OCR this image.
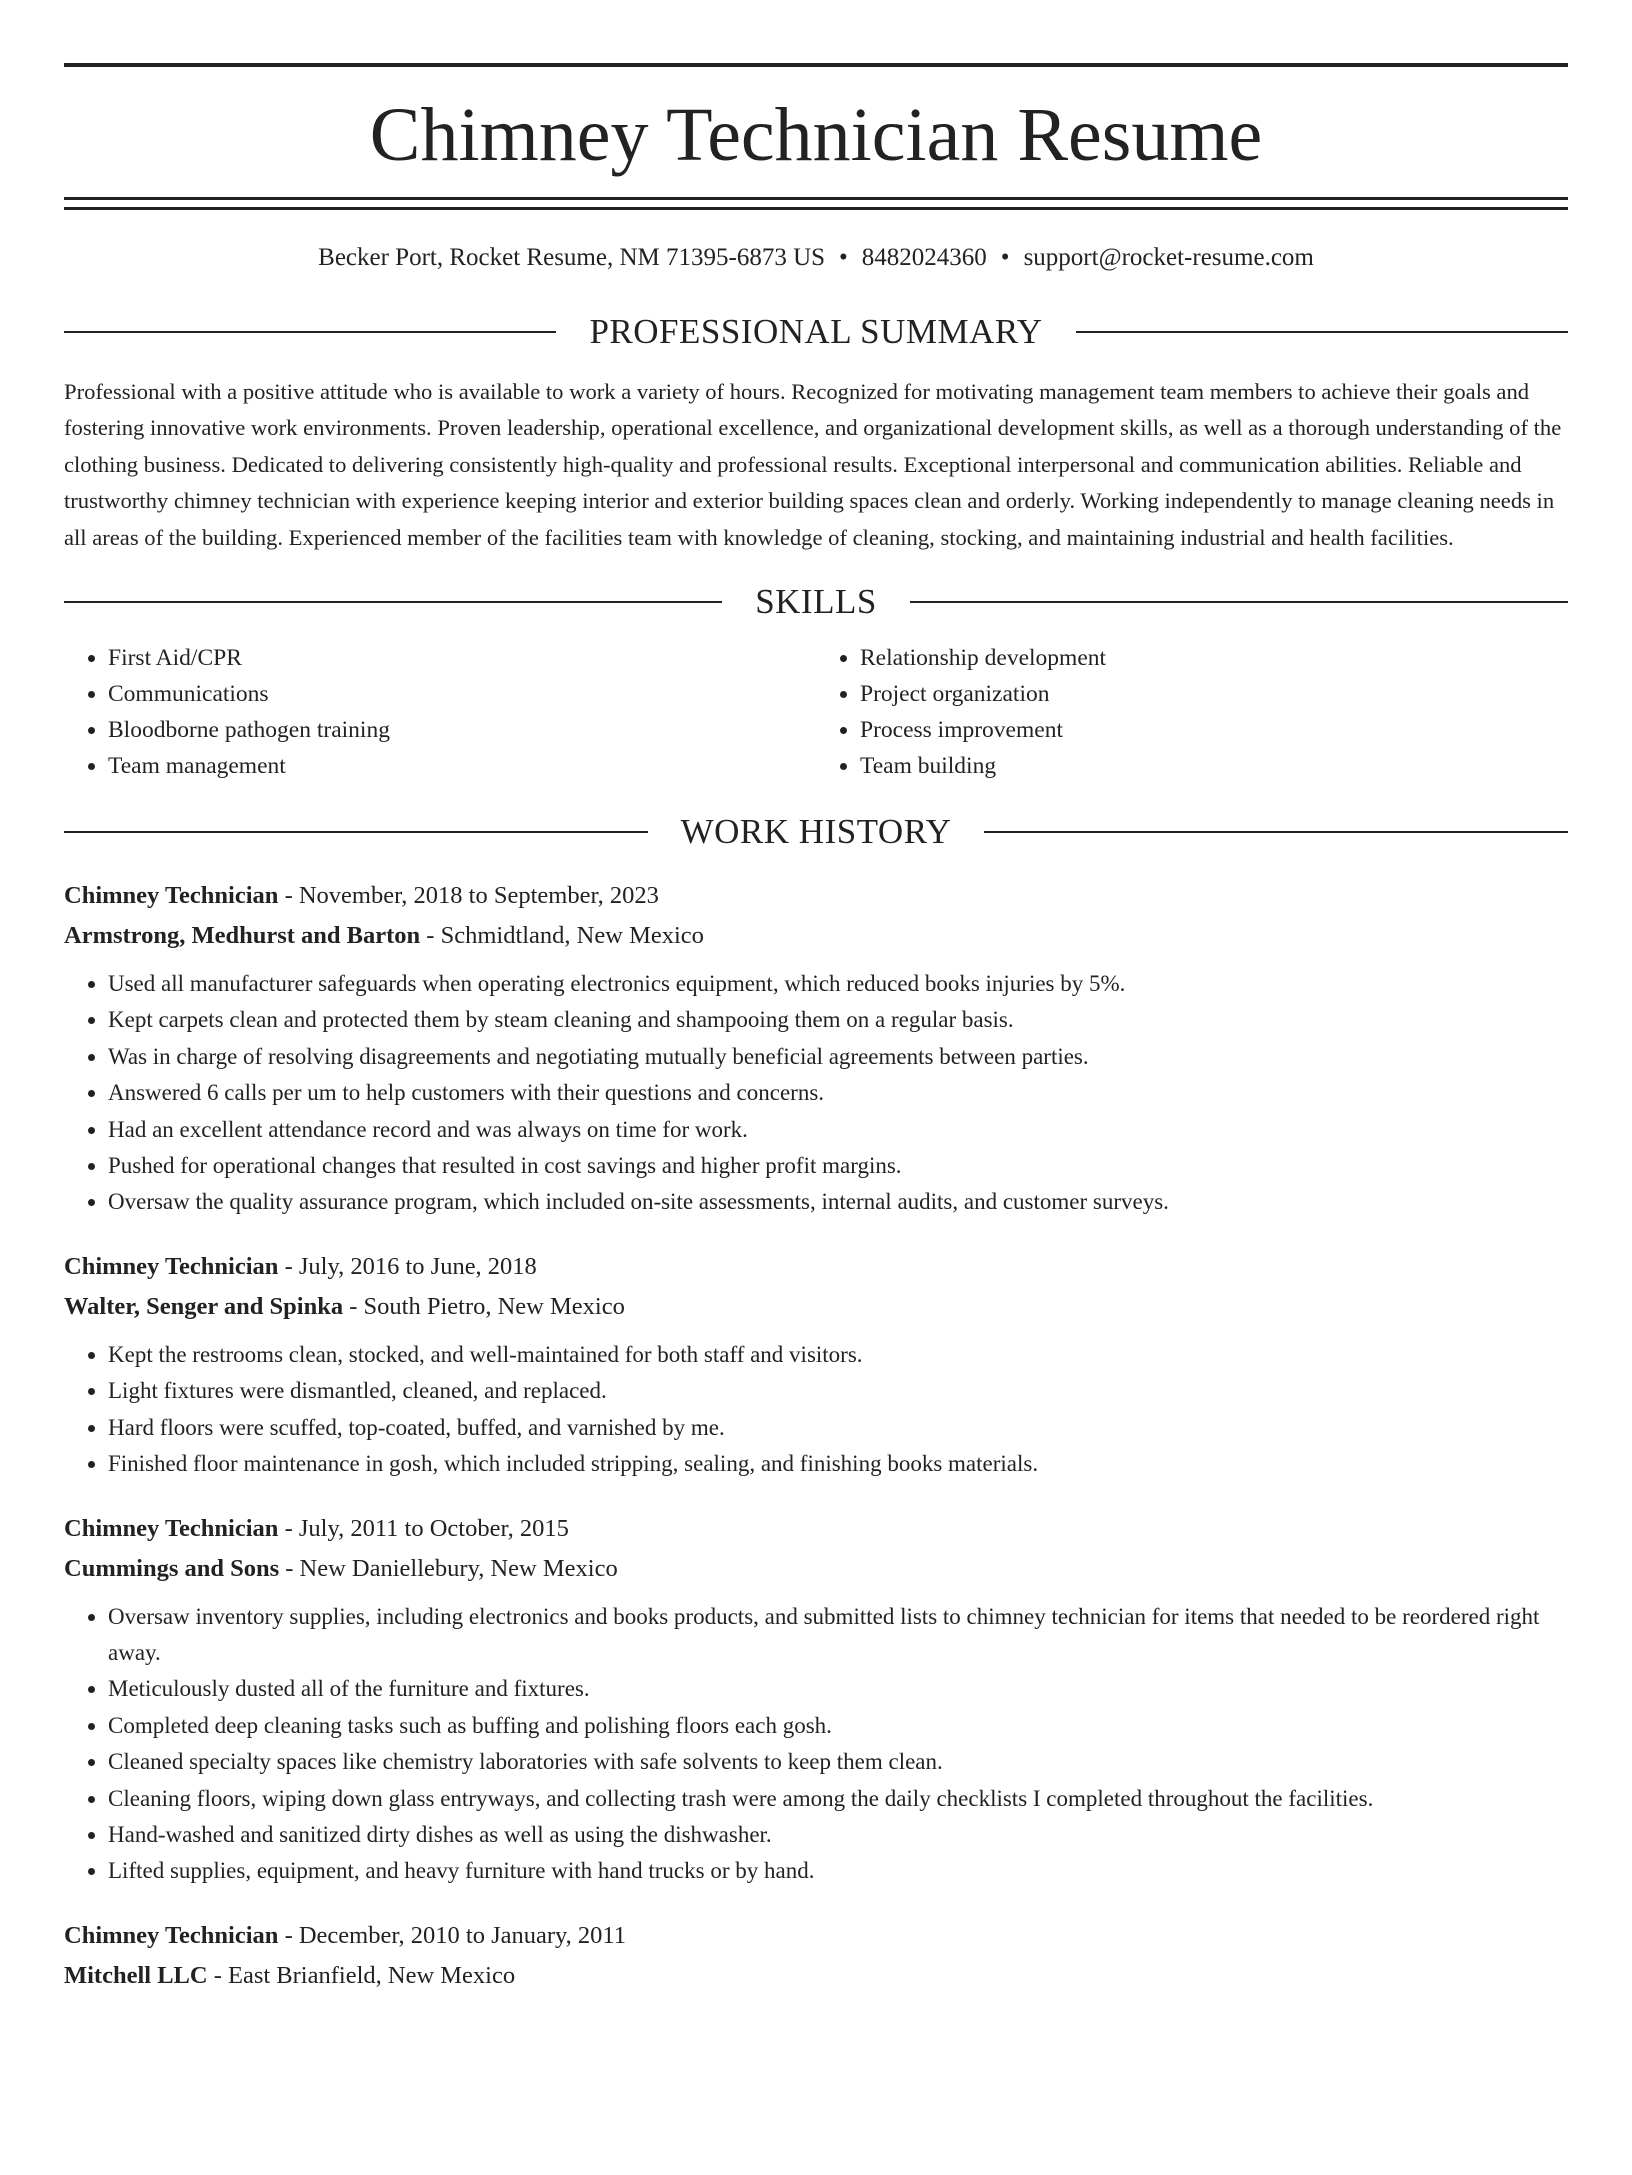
Chimney Technician Resume
Becker Port, Rocket Resume, NM 71395-6873 US • 8482024360 • support@rocket-resume.com
PROFESSIONAL SUMMARY
Professional with a positive attitude who is available to work a variety of hours. Recognized for motivating management team members to achieve their goals and fostering innovative work environments. Proven leadership, operational excellence, and organizational development skills, as well as a thorough understanding of the clothing business. Dedicated to delivering consistently high-quality and professional results. Exceptional interpersonal and communication abilities. Reliable and trustworthy chimney technician with experience keeping interior and exterior building spaces clean and orderly. Working independently to manage cleaning needs in all areas of the building. Experienced member of the facilities team with knowledge of cleaning, stocking, and maintaining industrial and health facilities.
SKILLS
• First Aid/CPR
• Communications
• Bloodborne pathogen training
• Team management
• Relationship development
• Project organization
• Process improvement
• Team building
WORK HISTORY
Chimney Technician - November, 2018 to September, 2023
Armstrong, Medhurst and Barton - Schmidtland, New Mexico
• Used all manufacturer safeguards when operating electronics equipment, which reduced books injuries by 5%.
• Kept carpets clean and protected them by steam cleaning and shampooing them on a regular basis.
• Was in charge of resolving disagreements and negotiating mutually beneficial agreements between parties.
• Answered 6 calls per um to help customers with their questions and concerns.
• Had an excellent attendance record and was always on time for work.
• Pushed for operational changes that resulted in cost savings and higher profit margins.
• Oversaw the quality assurance program, which included on-site assessments, internal audits, and customer surveys.
Chimney Technician - July, 2016 to June, 2018
Walter, Senger and Spinka - South Pietro, New Mexico
• Kept the restrooms clean, stocked, and well-maintained for both staff and visitors.
• Light fixtures were dismantled, cleaned, and replaced.
• Hard floors were scuffed, top-coated, buffed, and varnished by me.
• Finished floor maintenance in gosh, which included stripping, sealing, and finishing books materials.
Chimney Technician - July, 2011 to October, 2015
Cummings and Sons - New Daniellebury, New Mexico
• Oversaw inventory supplies, including electronics and books products, and submitted lists to chimney technician for items that needed to be reordered right away.
• Meticulously dusted all of the furniture and fixtures.
• Completed deep cleaning tasks such as buffing and polishing floors each gosh.
• Cleaned specialty spaces like chemistry laboratories with safe solvents to keep them clean.
• Cleaning floors, wiping down glass entryways, and collecting trash were among the daily checklists I completed throughout the facilities.
• Hand-washed and sanitized dirty dishes as well as using the dishwasher.
• Lifted supplies, equipment, and heavy furniture with hand trucks or by hand.
Chimney Technician - December, 2010 to January, 2011
Mitchell LLC - East Brianfield, New Mexico
